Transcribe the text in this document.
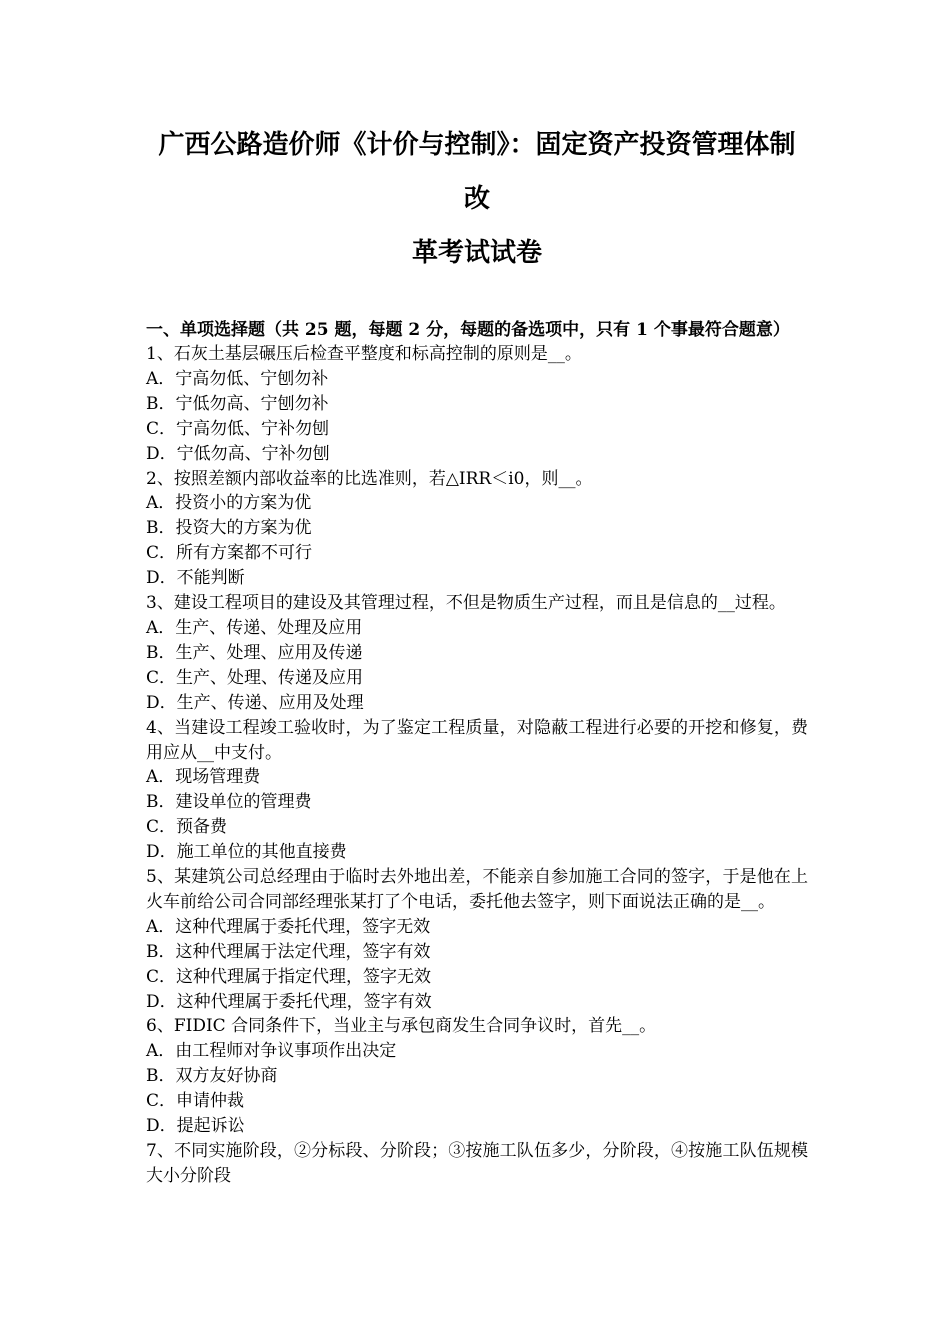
广西公路造价师《计价与控制》：固定资产投资管理体制改
革考试试卷

一、单项选择题（共 25 题，每题 2 分，每题的备选项中，只有 1 个事最符合题意）

1、石灰土基层碾压后检查平整度和标高控制的原则是__。

A．宁高勿低、宁刨勿补

B．宁低勿高、宁刨勿补

C．宁高勿低、宁补勿刨

D．宁低勿高、宁补勿刨

2、按照差额内部收益率的比选准则，若△IRR＜i0，则__。

A．投资小的方案为优

B．投资大的方案为优

C．所有方案都不可行

D．不能判断

3、建设工程项目的建设及其管理过程，不但是物质生产过程，而且是信息的__过程。

A．生产、传递、处理及应用

B．生产、处理、应用及传递

C．生产、处理、传递及应用

D．生产、传递、应用及处理

4、当建设工程竣工验收时，为了鉴定工程质量，对隐蔽工程进行必要的开挖和修复，费用应从__中支付。

A．现场管理费

B．建设单位的管理费

C．预备费

D．施工单位的其他直接费

5、某建筑公司总经理由于临时去外地出差，不能亲自参加施工合同的签字，于是他在上火车前给公司合同部经理张某打了个电话，委托他去签字，则下面说法正确的是__。

A．这种代理属于委托代理，签字无效

B．这种代理属于法定代理，签字有效

C．这种代理属于指定代理，签字无效

D．这种代理属于委托代理，签字有效

6、FIDIC 合同条件下，当业主与承包商发生合同争议时，首先__。

A．由工程师对争议事项作出决定

B．双方友好协商

C．申请仲裁

D．提起诉讼

7、不同实施阶段，②分标段、分阶段；③按施工队伍多少，分阶段，④按施工队伍规模大小分阶段
